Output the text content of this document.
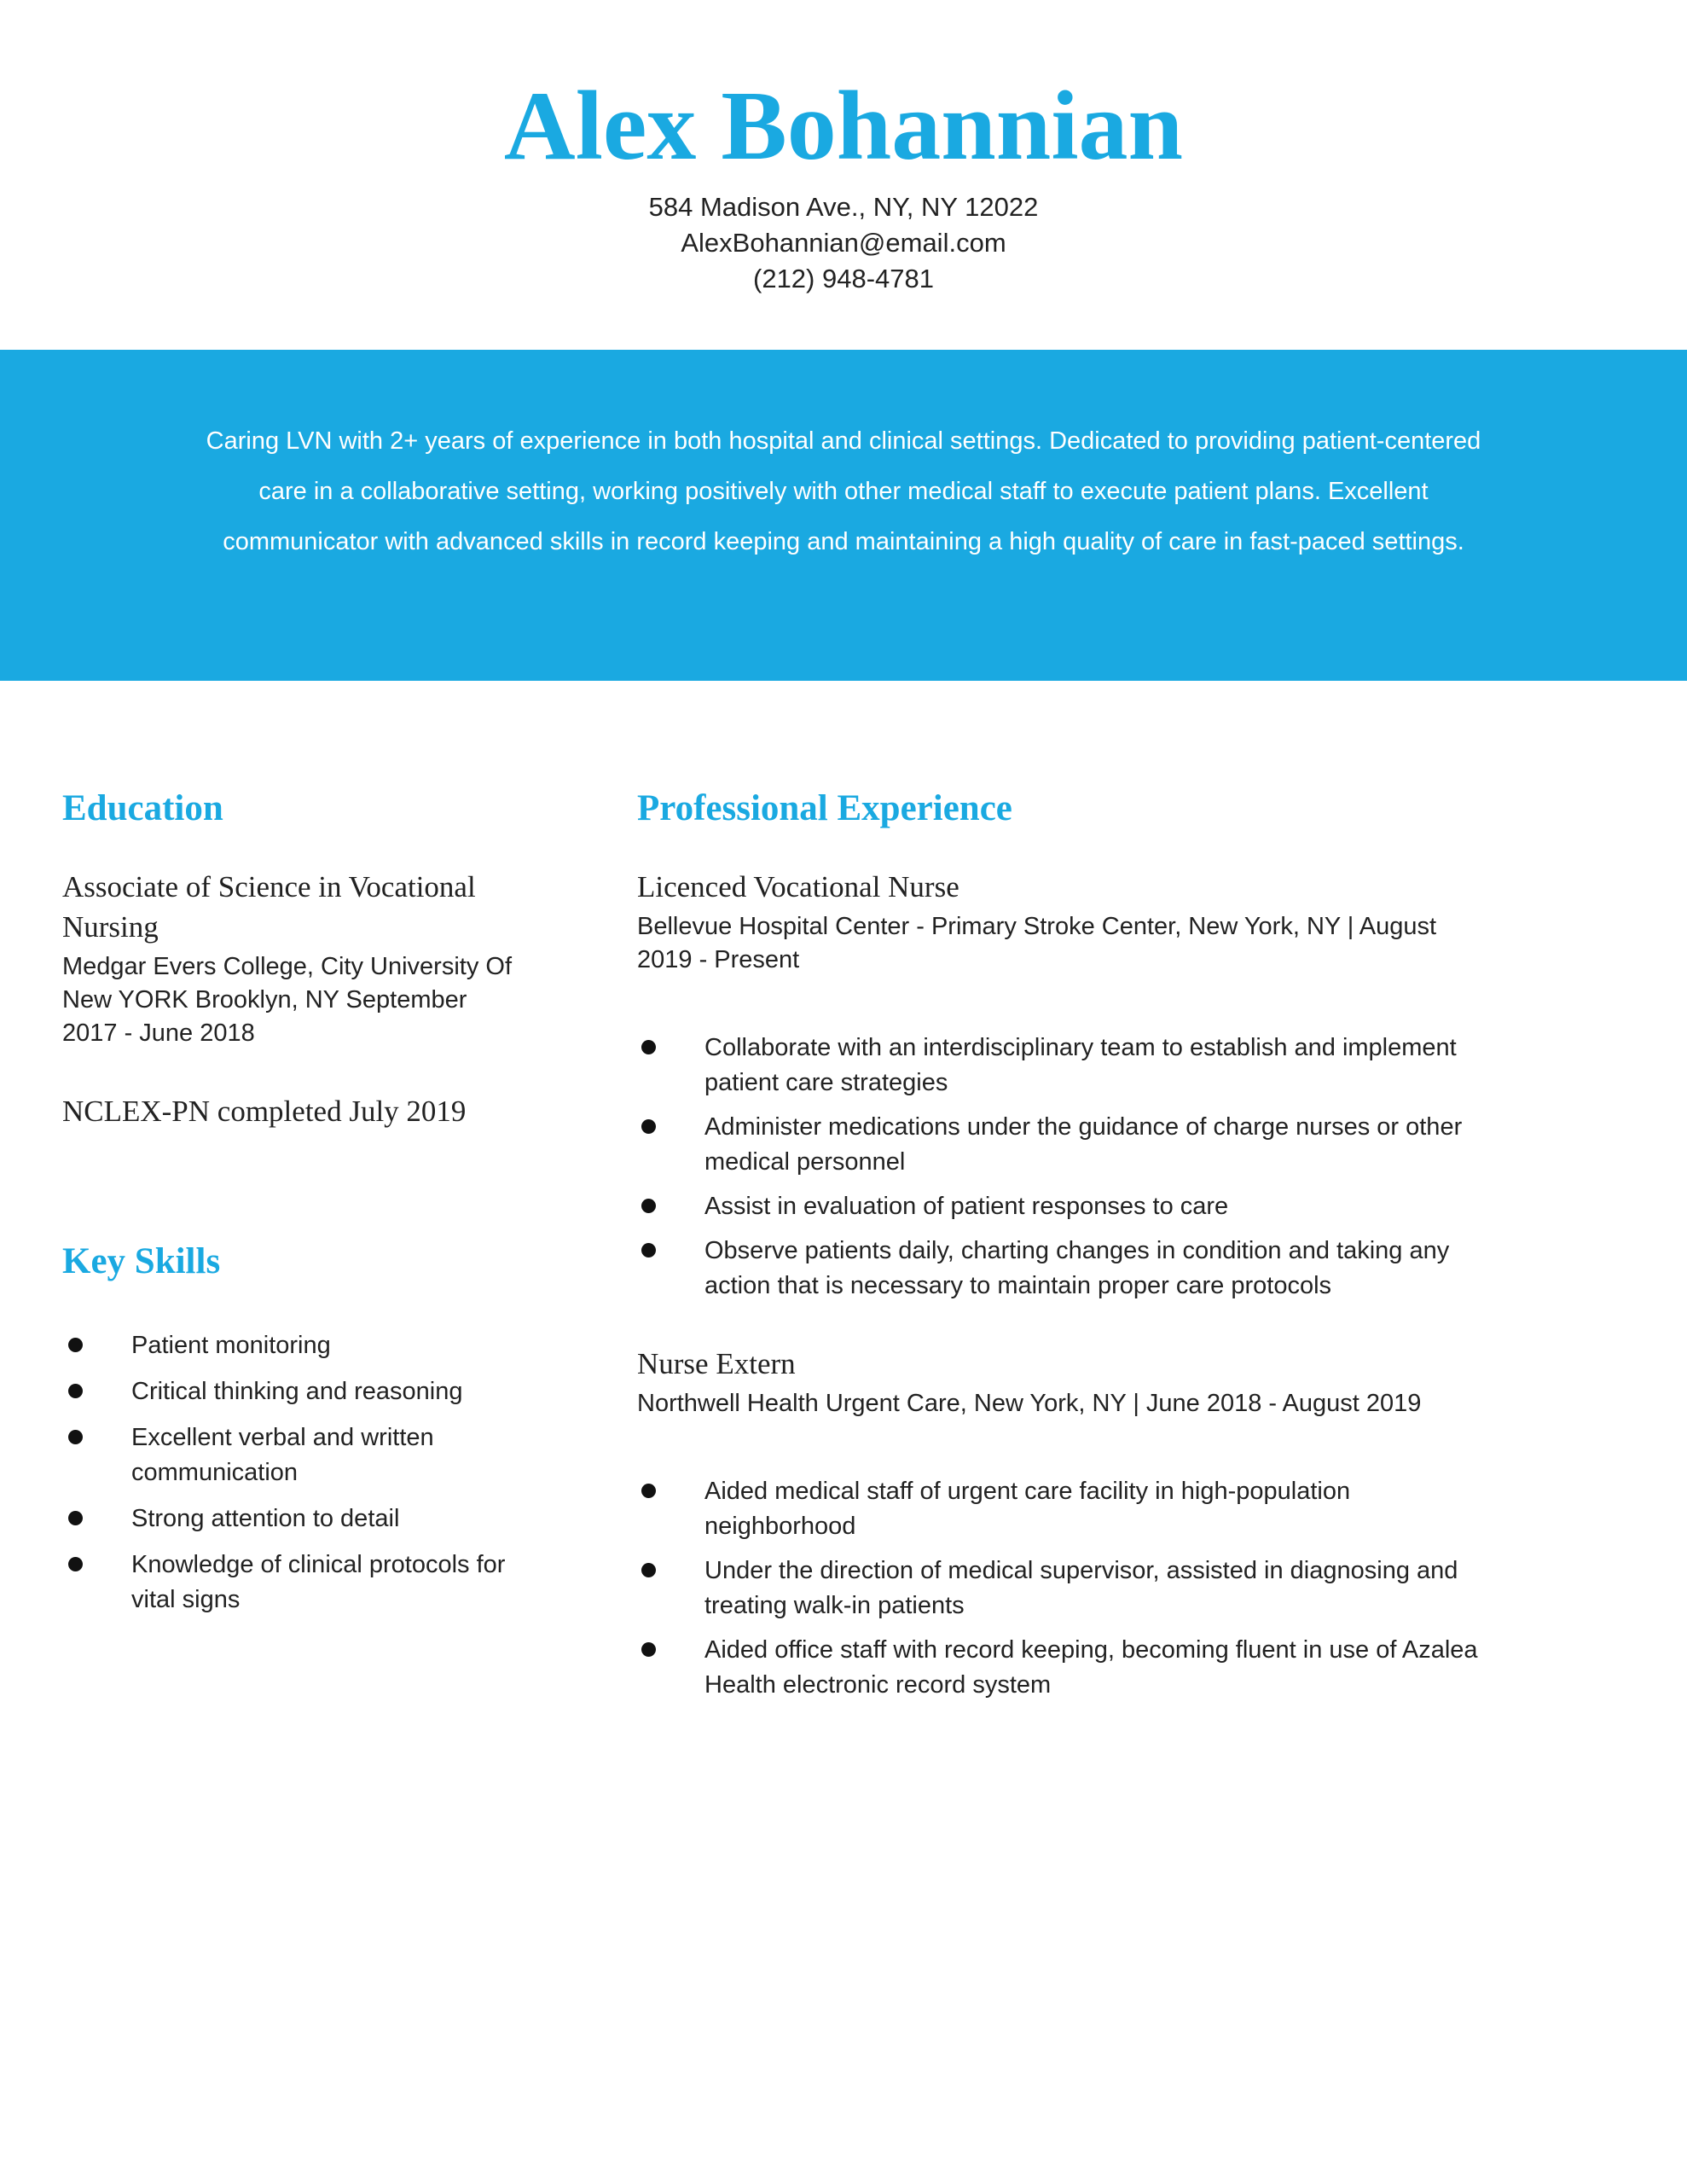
Alex Bohannian
584 Madison Ave., NY, NY 12022
AlexBohannian@email.com
(212) 948-4781

Caring LVN with 2+ years of experience in both hospital and clinical settings. Dedicated to providing patient-centered care in a collaborative setting, working positively with other medical staff to execute patient plans. Excellent communicator with advanced skills in record keeping and maintaining a high quality of care in fast-paced settings.

Education

Associate of Science in Vocational Nursing

Medgar Evers College, City University Of New YORK Brooklyn, NY September 2017 - June 2018

NCLEX-PN completed July 2019

Key Skills
Patient monitoring
Critical thinking and reasoning
Excellent verbal and written communication
Strong attention to detail
Knowledge of clinical protocols for vital signs
Professional Experience

Licenced Vocational Nurse

Bellevue Hospital Center - Primary Stroke Center, New York, NY | August 2019 - Present

Collaborate with an interdisciplinary team to establish and implement patient care strategies
Administer medications under the guidance of charge nurses or other medical personnel
Assist in evaluation of patient responses to care
Observe patients daily, charting changes in condition and taking any action that is necessary to maintain proper care protocols

Nurse Extern

Northwell Health Urgent Care, New York, NY | June 2018 - August 2019

Aided medical staff of urgent care facility in high-population neighborhood
Under the direction of medical supervisor, assisted in diagnosing and treating walk-in patients
Aided office staff with record keeping, becoming fluent in use of Azalea Health electronic record system
